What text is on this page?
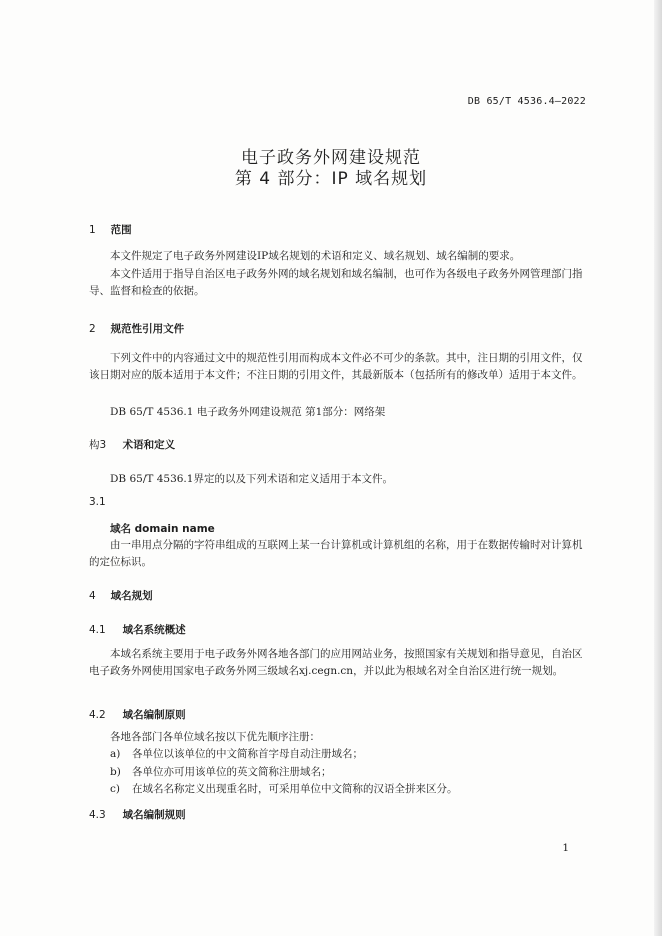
DB 65/T 4536.4—2022
电子政务外网建设规范
第 4 部分：IP 域名规划
1 范围
本文件规定了电子政务外网建设IP域名规划的术语和定义、域名规划、域名编制的要求。
本文件适用于指导自治区电子政务外网的域名规划和域名编制，也可作为各级电子政务外网管理部门指导、监督和检查的依据。
2 规范性引用文件
下列文件中的内容通过文中的规范性引用而构成本文件必不可少的条款。其中，注日期的引用文件，仅该日期对应的版本适用于本文件；不注日期的引用文件，其最新版本（包括所有的修改单）适用于本文件。
DB 65/T 4536.1 电子政务外网建设规范 第1部分：网络架
构3 术语和定义
DB 65/T 4536.1界定的以及下列术语和定义适用于本文件。
3.1
域名 domain name
由一串用点分隔的字符串组成的互联网上某一台计算机或计算机组的名称，用于在数据传输时对计算机的定位标识。
4 域名规划
4.1 域名系统概述
本域名系统主要用于电子政务外网各地各部门的应用网站业务，按照国家有关规划和指导意见，自治区电子政务外网使用国家电子政务外网三级域名xj.cegn.cn，并以此为根域名对全自治区进行统一规划。
4.2 域名编制原则
各地各部门各单位域名按以下优先顺序注册：
a) 各单位以该单位的中文简称首字母自动注册域名；
b) 各单位亦可用该单位的英文简称注册域名；
c) 在域名名称定义出现重名时，可采用单位中文简称的汉语全拼来区分。
4.3 域名编制规则
1
